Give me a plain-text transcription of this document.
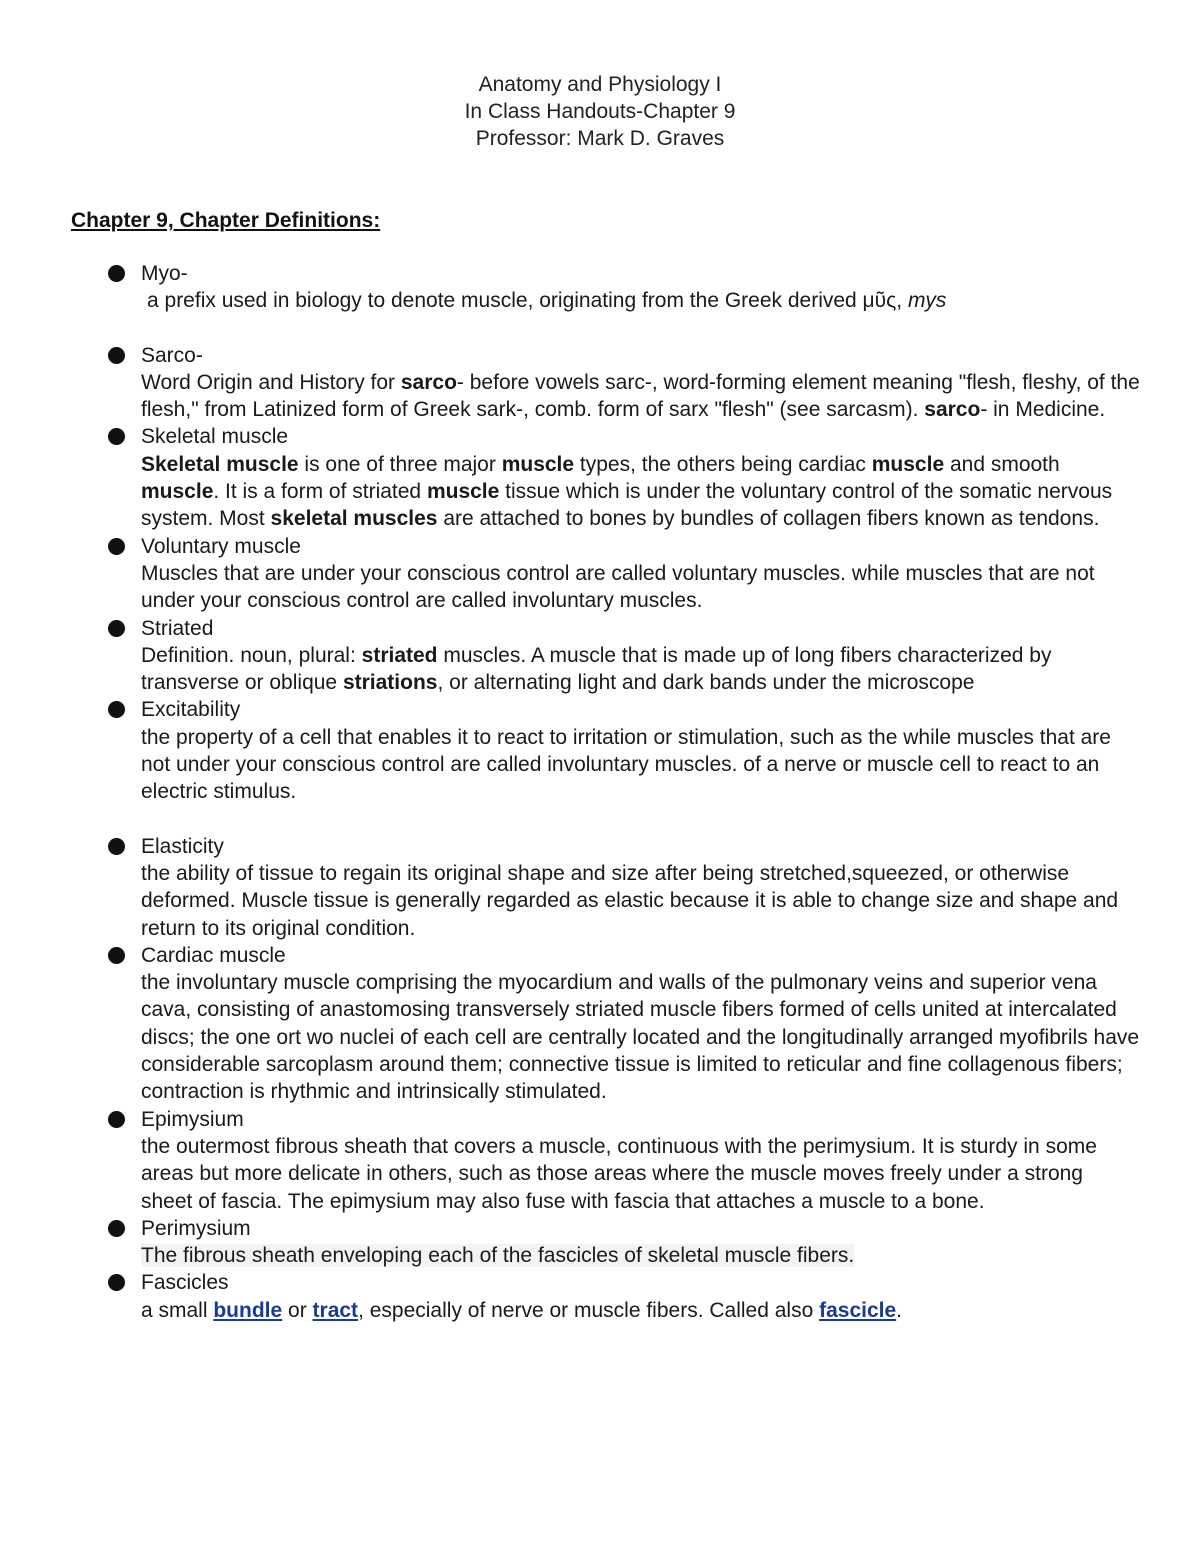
Anatomy and Physiology I
In Class Handouts-Chapter 9
Professor: Mark D. Graves
Chapter 9, Chapter Definitions:
Myo-
a prefix used in biology to denote muscle, originating from the Greek derived μῦς, mys
Sarco-
Word Origin and History for sarco- before vowels sarc-, word-forming element meaning "flesh, fleshy, of the flesh," from Latinized form of Greek sark-, comb. form of sarx "flesh" (see sarcasm). sarco- in Medicine.
Skeletal muscle
Skeletal muscle is one of three major muscle types, the others being cardiac muscle and smooth muscle. It is a form of striated muscle tissue which is under the voluntary control of the somatic nervous system. Most skeletal muscles are attached to bones by bundles of collagen fibers known as tendons.
Voluntary muscle
Muscles that are under your conscious control are called voluntary muscles. while muscles that are not under your conscious control are called involuntary muscles.
Striated
Definition. noun, plural: striated muscles. A muscle that is made up of long fibers characterized by transverse or oblique striations, or alternating light and dark bands under the microscope
Excitability
the property of a cell that enables it to react to irritation or stimulation, such as the while muscles that are not under your conscious control are called involuntary muscles. of a nerve or muscle cell to react to an electric stimulus.
Elasticity
the ability of tissue to regain its original shape and size after being stretched,squeezed, or otherwise deformed. Muscle tissue is generally regarded as elastic because it is able to change size and shape and return to its original condition.
Cardiac muscle
the involuntary muscle comprising the myocardium and walls of the pulmonary veins and superior vena cava, consisting of anastomosing transversely striated muscle fibers formed of cells united at intercalated discs; the one ort wo nuclei of each cell are centrally located and the longitudinally arranged myofibrils have considerable sarcoplasm around them; connective tissue is limited to reticular and fine collagenous fibers; contraction is rhythmic and intrinsically stimulated.
Epimysium
the outermost fibrous sheath that covers a muscle, continuous with the perimysium. It is sturdy in some areas but more delicate in others, such as those areas where the muscle moves freely under a strong sheet of fascia. The epimysium may also fuse with fascia that attaches a muscle to a bone.
Perimysium
The fibrous sheath enveloping each of the fascicles of skeletal muscle fibers.
Fascicles
a small bundle or tract, especially of nerve or muscle fibers. Called also fascicle.
